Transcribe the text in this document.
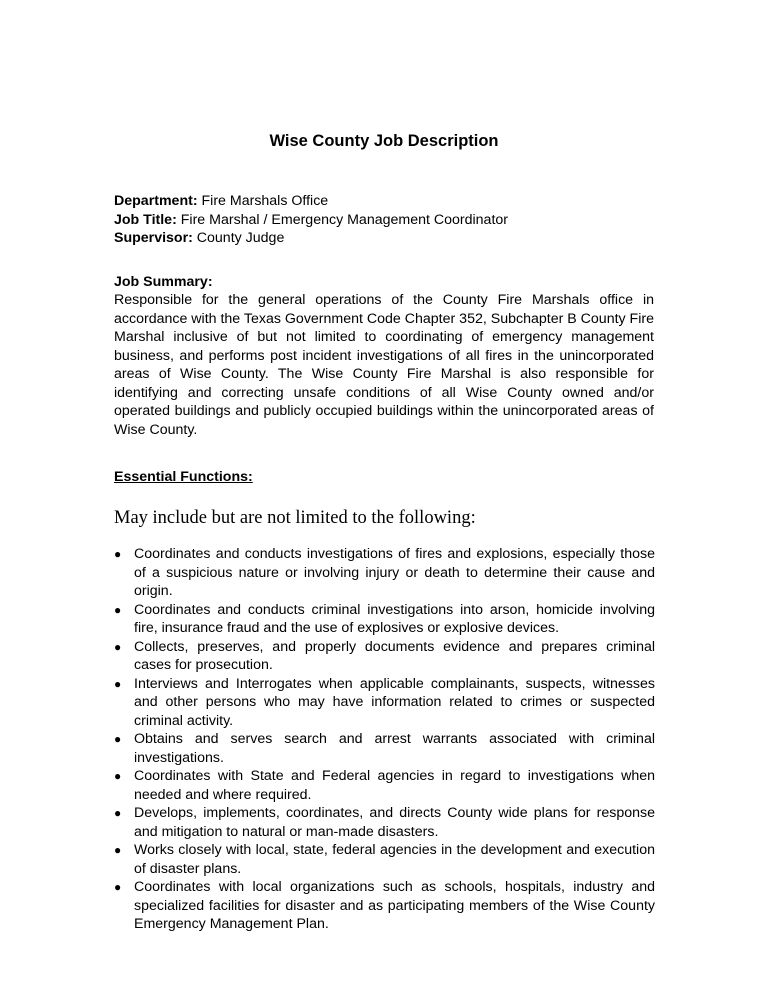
Wise County Job Description
Department: Fire Marshals Office
Job Title: Fire Marshal / Emergency Management Coordinator
Supervisor: County Judge
Job Summary:
Responsible for the general operations of the County Fire Marshals office in accordance with the Texas Government Code Chapter 352, Subchapter B County Fire Marshal inclusive of but not limited to coordinating of emergency management business, and performs post incident investigations of all fires in the unincorporated areas of Wise County. The Wise County Fire Marshal is also responsible for identifying and correcting unsafe conditions of all Wise County owned and/or operated buildings and publicly occupied buildings within the unincorporated areas of Wise County.
Essential Functions:
May include but are not limited to the following:
● Coordinates and conducts investigations of fires and explosions, especially those of a suspicious nature or involving injury or death to determine their cause and origin.
● Coordinates and conducts criminal investigations into arson, homicide involving fire, insurance fraud and the use of explosives or explosive devices.
● Collects, preserves, and properly documents evidence and prepares criminal cases for prosecution.
● Interviews and Interrogates when applicable complainants, suspects, witnesses and other persons who may have information related to crimes or suspected criminal activity.
● Obtains and serves search and arrest warrants associated with criminal investigations.
● Coordinates with State and Federal agencies in regard to investigations when needed and where required.
● Develops, implements, coordinates, and directs County wide plans for response and mitigation to natural or man-made disasters.
● Works closely with local, state, federal agencies in the development and execution of disaster plans.
● Coordinates with local organizations such as schools, hospitals, industry and specialized facilities for disaster and as participating members of the Wise County Emergency Management Plan.
